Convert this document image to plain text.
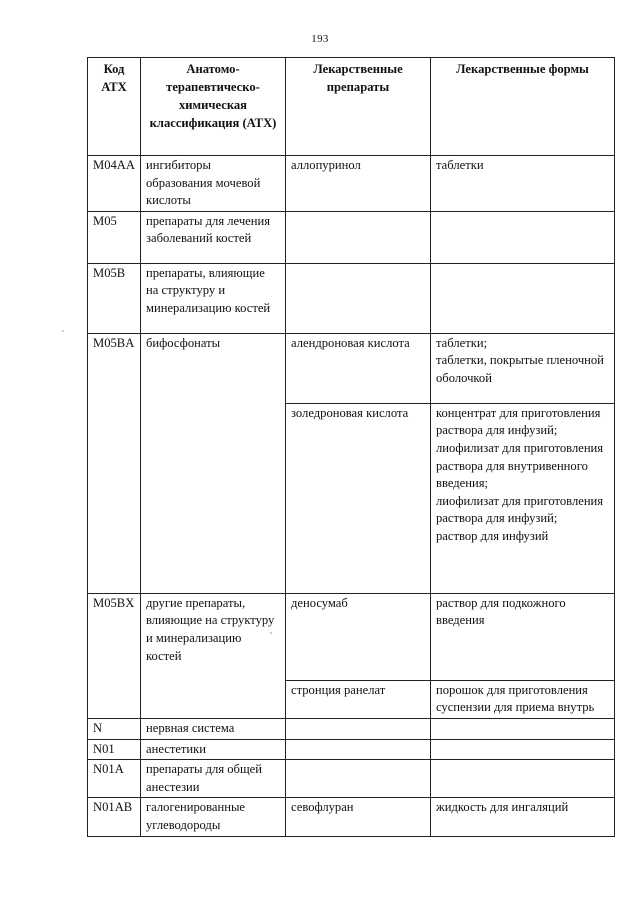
193
Код АТХ	Анатомо-терапевтическо-химическая классификация (АТХ)	Лекарственные препараты	Лекарственные формы
M04AA	ингибиторы образования мочевой кислоты	аллопуринол	таблетки

M05	препараты для лечения заболеваний костей		
M05B	препараты, влияющие на структуру и минерализацию костей		
M05BA	бифосфонаты	алендроновая кислота	таблетки;
таблетки, покрытые пленочной оболочкой

		золедроновая кислота	концентрат для приготовления раствора для инфузий;
лиофилизат для приготовления раствора для внутривенного введения;
лиофилизат для приготовления раствора для инфузий;
раствор для инфузий

M05BX	другие препараты, влияющие на структуру и минерализацию костей	деносумаб	раствор для подкожного введения

		стронция ранелат	порошок для приготовления суспензии для приема внутрь

N	нервная система		
N01	анестетики		
N01A	препараты для общей анестезии		
N01AB	галогенированные углеводороды	севофлуран	жидкость для ингаляций
